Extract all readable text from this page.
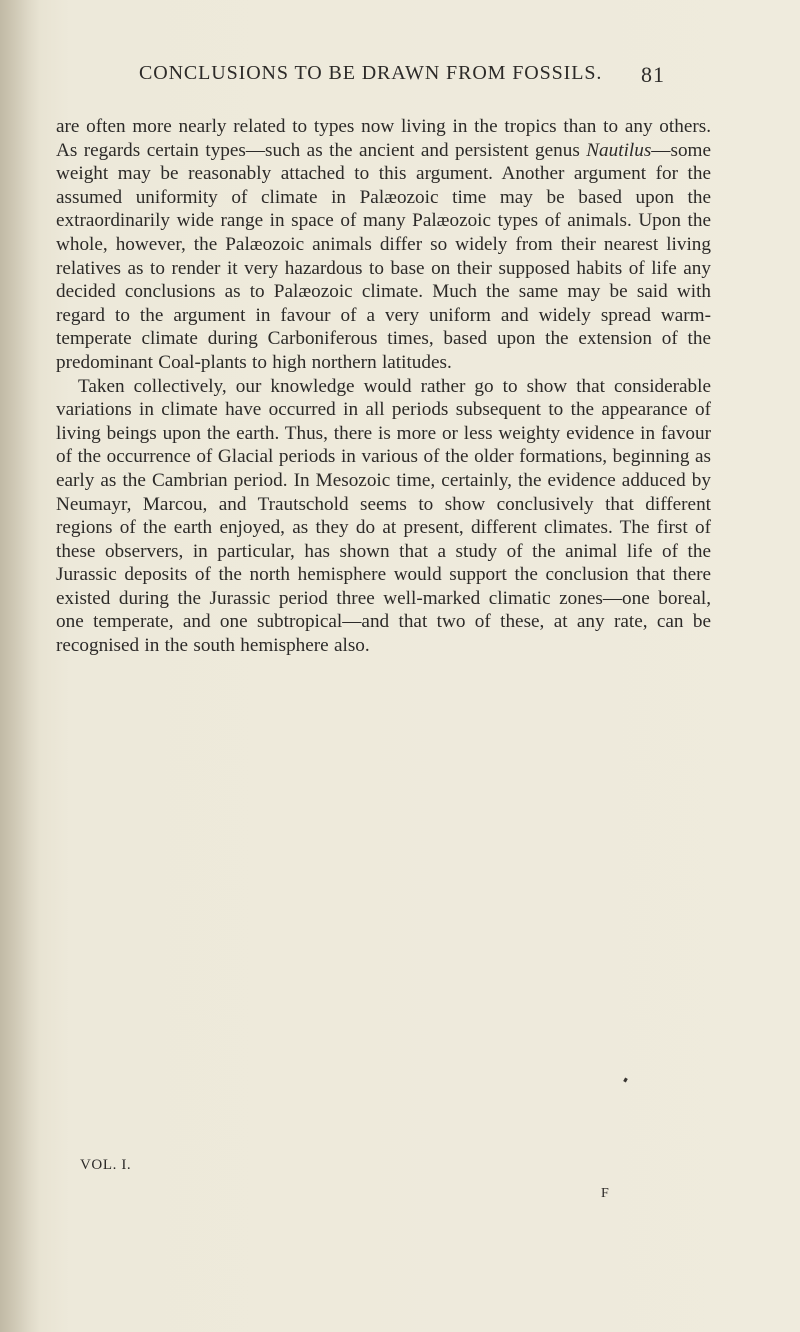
CONCLUSIONS TO BE DRAWN FROM FOSSILS. 81

are often more nearly related to types now living in the tropics than to any others. As regards certain types—such as the ancient and persistent genus Nautilus—some weight may be reasonably attached to this argument. Another argument for the assumed uniformity of climate in Palæozoic time may be based upon the extraordinarily wide range in space of many Palæozoic types of animals. Upon the whole, however, the Palæozoic animals differ so widely from their nearest living relatives as to render it very hazardous to base on their supposed habits of life any decided conclusions as to Palæozoic climate. Much the same may be said with regard to the argument in favour of a very uniform and widely spread warm-temperate climate during Carboniferous times, based upon the extension of the predominant Coal-plants to high northern latitudes.

Taken collectively, our knowledge would rather go to show that considerable variations in climate have occurred in all periods subsequent to the appearance of living beings upon the earth. Thus, there is more or less weighty evidence in favour of the occurrence of Glacial periods in various of the older formations, beginning as early as the Cambrian period. In Mesozoic time, certainly, the evidence adduced by Neumayr, Marcou, and Trautschold seems to show conclusively that different regions of the earth enjoyed, as they do at present, different climates. The first of these observers, in particular, has shown that a study of the animal life of the Jurassic deposits of the north hemisphere would support the conclusion that there existed during the Jurassic period three well-marked climatic zones—one boreal, one temperate, and one subtropical—and that two of these, at any rate, can be recognised in the south hemisphere also.

VOL. I.
F
